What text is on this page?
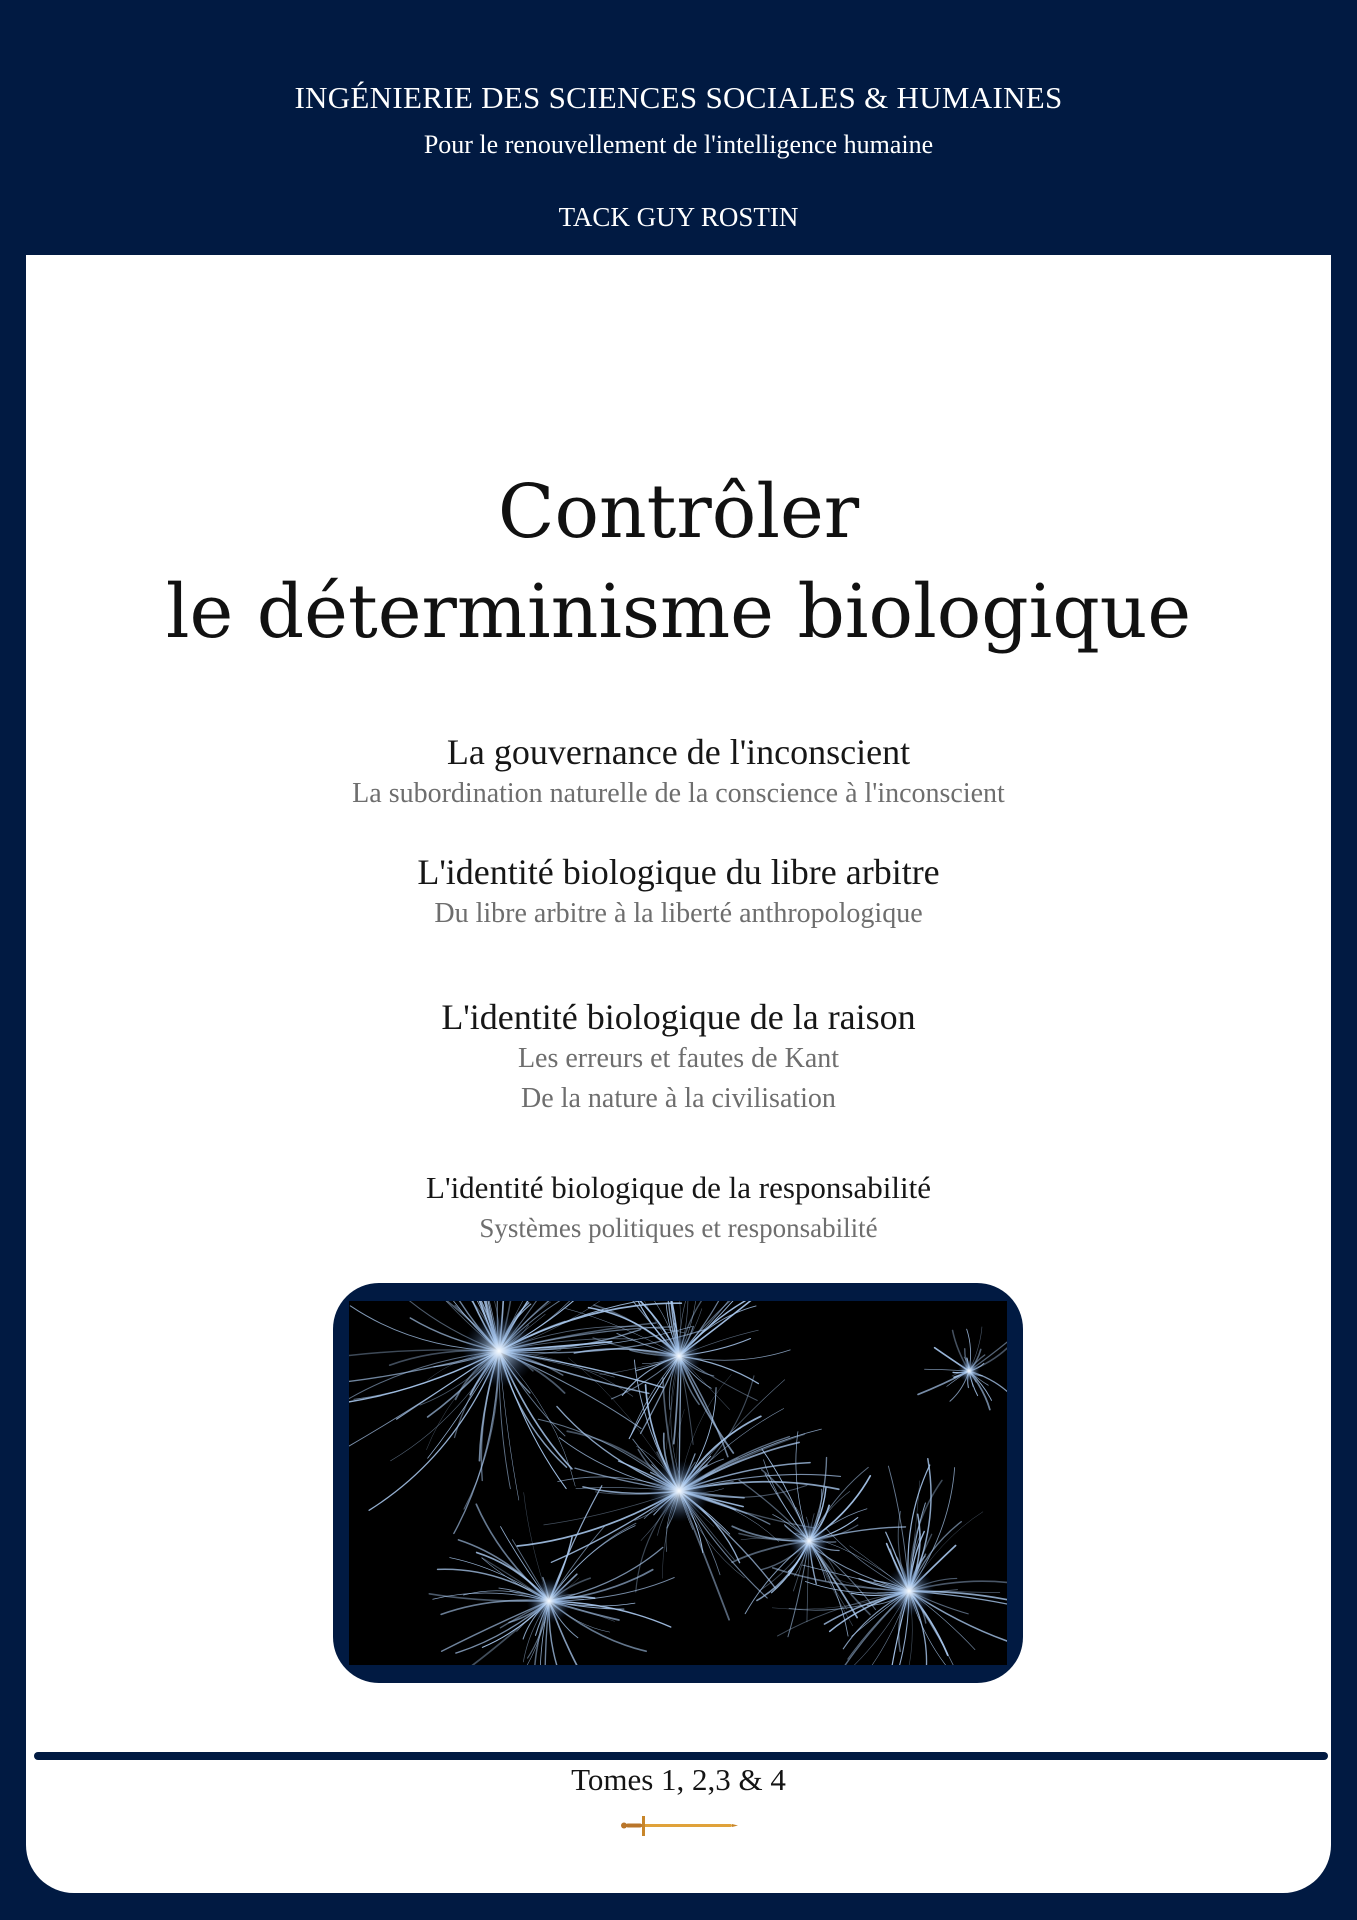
INGÉNIERIE DES SCIENCES SOCIALES & HUMAINES
Pour le renouvellement de l'intelligence humaine
TACK GUY ROSTIN
Contrôler
le déterminisme biologique
La gouvernance de l'inconscient
La subordination naturelle de la conscience à l'inconscient
L'identité biologique du libre arbitre
Du libre arbitre à la liberté anthropologique
L'identité biologique de la raison
Les erreurs et fautes de Kant
De la nature à la civilisation
L'identité biologique de la responsabilité
Systèmes politiques et responsabilité
Tomes 1, 2,3 & 4
